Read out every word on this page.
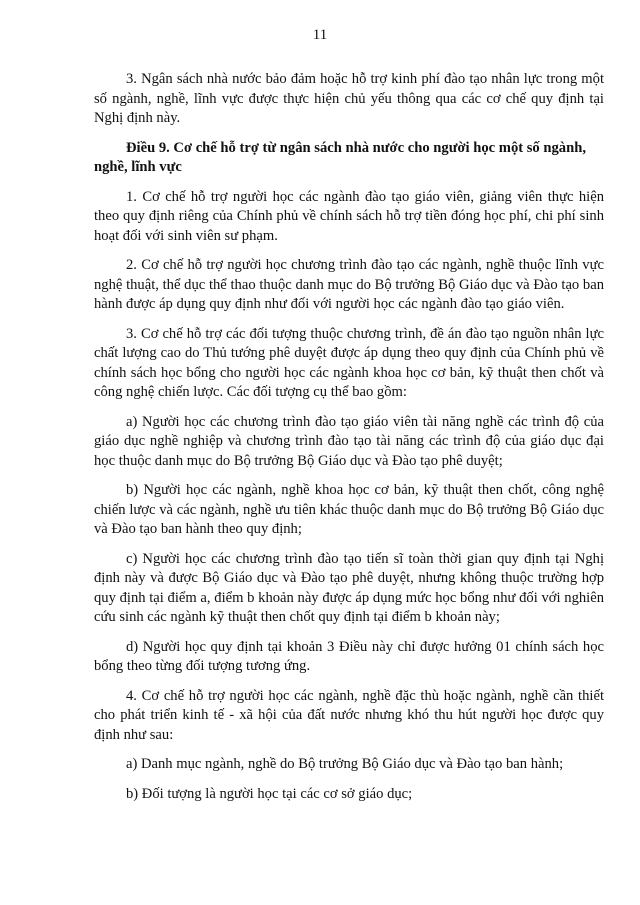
11

3. Ngân sách nhà nước bảo đảm hoặc hỗ trợ kinh phí đào tạo nhân lực trong một số ngành, nghề, lĩnh vực được thực hiện chủ yếu thông qua các cơ chế quy định tại Nghị định này.

Điều 9. Cơ chế hỗ trợ từ ngân sách nhà nước cho người học một số ngành, nghề, lĩnh vực

1. Cơ chế hỗ trợ người học các ngành đào tạo giáo viên, giảng viên thực hiện theo quy định riêng của Chính phủ về chính sách hỗ trợ tiền đóng học phí, chi phí sinh hoạt đối với sinh viên sư phạm.

2. Cơ chế hỗ trợ người học chương trình đào tạo các ngành, nghề thuộc lĩnh vực nghệ thuật, thể dục thể thao thuộc danh mục do Bộ trưởng Bộ Giáo dục và Đào tạo ban hành được áp dụng quy định như đối với người học các ngành đào tạo giáo viên.

3. Cơ chế hỗ trợ các đối tượng thuộc chương trình, đề án đào tạo nguồn nhân lực chất lượng cao do Thủ tướng phê duyệt được áp dụng theo quy định của Chính phủ về chính sách học bổng cho người học các ngành khoa học cơ bản, kỹ thuật then chốt và công nghệ chiến lược. Các đối tượng cụ thể bao gồm:

a) Người học các chương trình đào tạo giáo viên tài năng nghề các trình độ của giáo dục nghề nghiệp và chương trình đào tạo tài năng các trình độ của giáo dục đại học thuộc danh mục do Bộ trưởng Bộ Giáo dục và Đào tạo phê duyệt;

b) Người học các ngành, nghề khoa học cơ bản, kỹ thuật then chốt, công nghệ chiến lược và các ngành, nghề ưu tiên khác thuộc danh mục do Bộ trưởng Bộ Giáo dục và Đào tạo ban hành theo quy định;

c) Người học các chương trình đào tạo tiến sĩ toàn thời gian quy định tại Nghị định này và được Bộ Giáo dục và Đào tạo phê duyệt, nhưng không thuộc trường hợp quy định tại điểm a, điểm b khoản này được áp dụng mức học bổng như đối với nghiên cứu sinh các ngành kỹ thuật then chốt quy định tại điểm b khoản này;

d) Người học quy định tại khoản 3 Điều này chỉ được hưởng 01 chính sách học bổng theo từng đối tượng tương ứng.

4. Cơ chế hỗ trợ người học các ngành, nghề đặc thù hoặc ngành, nghề cần thiết cho phát triển kinh tế - xã hội của đất nước nhưng khó thu hút người học được quy định như sau:

a) Danh mục ngành, nghề do Bộ trưởng Bộ Giáo dục và Đào tạo ban hành;

b) Đối tượng là người học tại các cơ sở giáo dục;
